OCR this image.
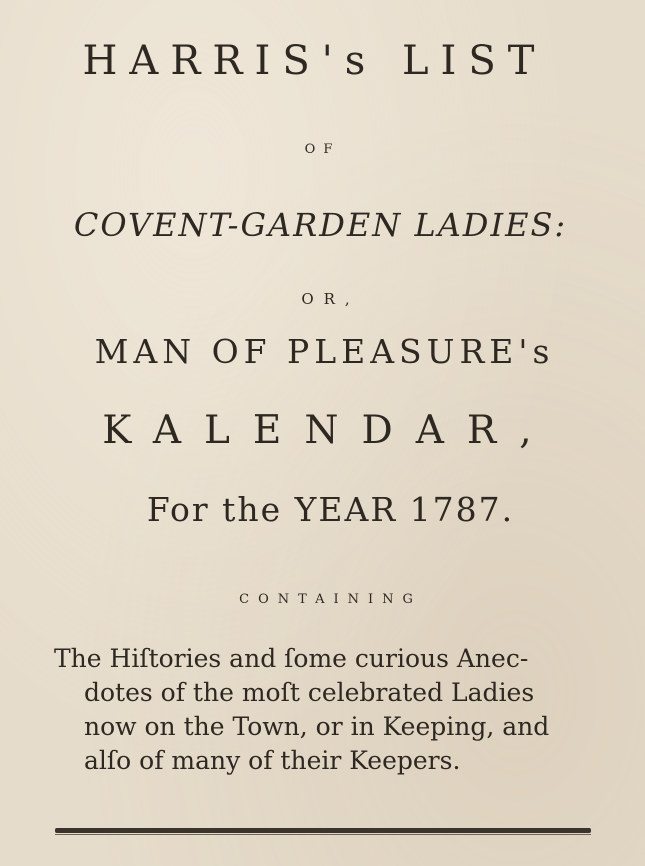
HARRIS's LIST

OF

COVENT-GARDEN LADIES:

OR,

MAN OF PLEASURE's

KALENDAR,

For the YEAR 1787.

CONTAINING

The Hiſtories and ſome curious Anec-
dotes of the moſt celebrated Ladies
now on the Town, or in Keeping, and
alſo of many of their Keepers.
